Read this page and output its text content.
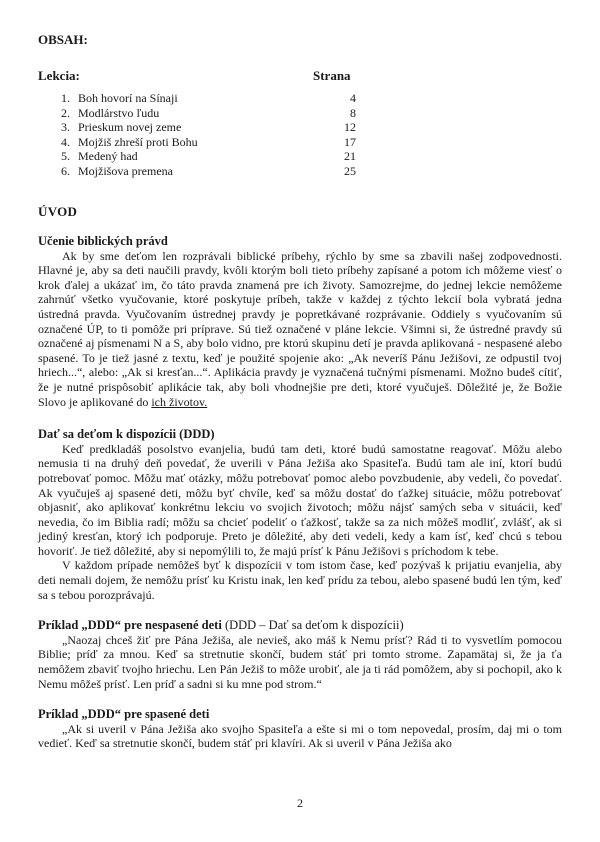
OBSAH:
Lekcia:	Strana
1. Boh hovorí na Sínaji	4
2. Modlárstvo ľudu	8
3. Prieskum novej zeme	12
4. Mojžiš zhreší proti Bohu	17
5. Medený had	21
6. Mojžišova premena	25
ÚVOD
Učenie biblických právd

Ak by sme deťom len rozprávali biblické príbehy, rýchlo by sme sa zbavili našej zodpovednosti. Hlavné je, aby sa deti naučili pravdy, kvôli ktorým boli tieto príbehy zapísané a potom ich môžeme viesť o krok ďalej a ukázať im, čo táto pravda znamená pre ich životy. Samozrejme, do jednej lekcie nemôžeme zahrnúť všetko vyučovanie, ktoré poskytuje príbeh, takže v každej z týchto lekcií bola vybratá jedna ústredná pravda. Vyučovaním ústrednej pravdy je popretkávané rozprávanie. Oddiely s vyučovaním sú označené ÚP, to ti pomôže pri príprave. Sú tiež označené v pláne lekcie. Všimni si, že ústredné pravdy sú označené aj písmenami N a S, aby bolo vidno, pre ktorú skupinu detí je pravda aplikovaná - nespasené alebo spasené. To je tiež jasné z textu, keď je použité spojenie ako: „Ak neveríš Pánu Ježišovi, ze odpustil tvoj hriech...“, alebo: „Ak si kresťan...“. Aplikácia pravdy je vyznačená tučnými písmenami. Možno budeš cítiť, že je nutné prispôsobiť aplikácie tak, aby boli vhodnejšie pre deti, ktoré vyučuješ. Dôležité je, že Božie Slovo je aplikované do ich životov.

Dať sa deťom k dispozícii (DDD)

Keď predkladáš posolstvo evanjelia, budú tam deti, ktoré budú samostatne reagovať. Môžu alebo nemusia ti na druhý deň povedať, že uverili v Pána Ježiša ako Spasiteľa. Budú tam ale iní, ktorí budú potrebovať pomoc. Môžu mať otázky, môžu potrebovať pomoc alebo povzbudenie, aby vedeli, čo povedať. Ak vyučuješ aj spasené deti, môžu byť chvíle, keď sa môžu dostať do ťažkej situácie, môžu potrebovať objasniť, ako aplikovať konkrétnu lekciu vo svojich životoch; môžu nájsť samých seba v situácii, keď nevedia, čo im Biblia radí; môžu sa chcieť podeliť o ťažkosť, takže sa za nich môžeš modliť, zvlášť, ak si jediný kresťan, ktorý ich podporuje. Preto je dôležité, aby deti vedeli, kedy a kam ísť, keď chcú s tebou hovoriť. Je tiež dôležité, aby si nepomýlili to, že majú prísť k Pánu Ježišovi s príchodom k tebe.

V každom prípade nemôžeš byť k dispozícii v tom istom čase, keď pozývaš k prijatiu evanjelia, aby deti nemali dojem, že nemôžu prísť ku Kristu inak, len keď prídu za tebou, alebo spasené budú len tým, keď sa s tebou porozprávajú.

Príklad „DDD“ pre nespasené deti (DDD – Dať sa deťom k dispozícii)

„Naozaj chceš žiť pre Pána Ježiša, ale nevieš, ako máš k Nemu prísť? Rád ti to vysvetlím pomocou Biblie; príď za mnou. Keď sa stretnutie skončí, budem stáť pri tomto strome. Zapamätaj si, že ja ťa nemôžem zbaviť tvojho hriechu. Len Pán Ježiš to môže urobiť, ale ja ti rád pomôžem, aby si pochopil, ako k Nemu môžeš prísť. Len príď a sadni si ku mne pod strom.“

Príklad „DDD“ pre spasené deti

„Ak si uveril v Pána Ježiša ako svojho Spasiteľa a ešte si mi o tom nepovedal, prosím, daj mi o tom vedieť. Keď sa stretnutie skončí, budem stáť pri klavíri. Ak si uveril v Pána Ježiša ako

2
